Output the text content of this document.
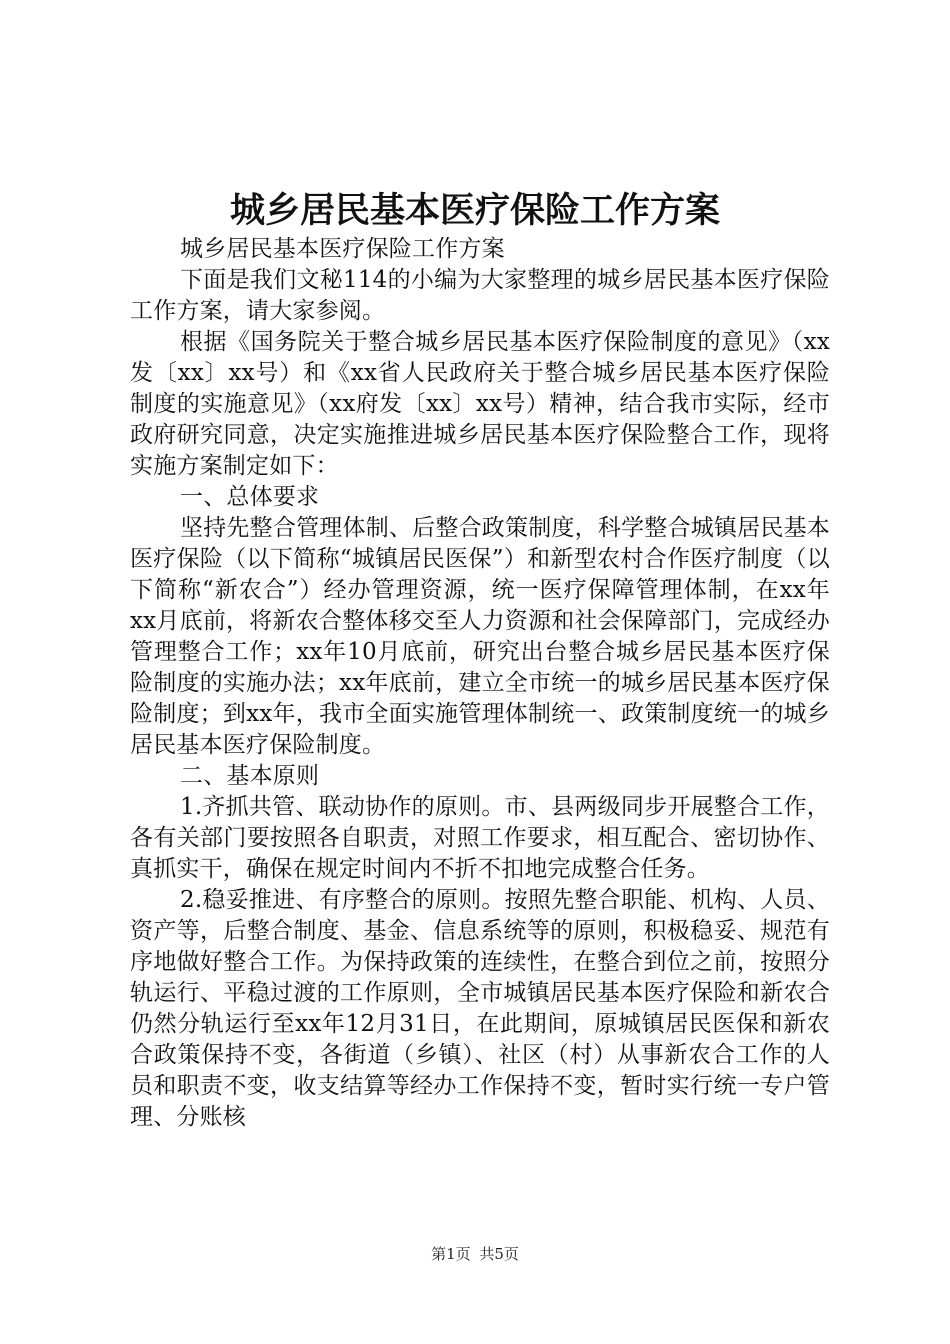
城乡居民基本医疗保险工作方案

城乡居民基本医疗保险工作方案

下面是我们文秘114的小编为大家整理的城乡居民基本医疗保险工作方案，请大家参阅。

根据《国务院关于整合城乡居民基本医疗保险制度的意见》（xx发〔xx〕xx号）和《xx省人民政府关于整合城乡居民基本医疗保险制度的实施意见》（xx府发〔xx〕xx号）精神，结合我市实际，经市政府研究同意，决定实施推进城乡居民基本医疗保险整合工作，现将实施方案制定如下：

一、总体要求

坚持先整合管理体制、后整合政策制度，科学整合城镇居民基本医疗保险（以下简称“城镇居民医保”）和新型农村合作医疗制度（以下简称“新农合”）经办管理资源，统一医疗保障管理体制，在xx年xx月底前，将新农合整体移交至人力资源和社会保障部门，完成经办管理整合工作；xx年10月底前，研究出台整合城乡居民基本医疗保险制度的实施办法；xx年底前，建立全市统一的城乡居民基本医疗保险制度；到xx年，我市全面实施管理体制统一、政策制度统一的城乡居民基本医疗保险制度。

二、基本原则

1.齐抓共管、联动协作的原则。市、县两级同步开展整合工作，各有关部门要按照各自职责，对照工作要求，相互配合、密切协作、真抓实干，确保在规定时间内不折不扣地完成整合任务。

2.稳妥推进、有序整合的原则。按照先整合职能、机构、人员、资产等，后整合制度、基金、信息系统等的原则，积极稳妥、规范有序地做好整合工作。为保持政策的连续性，在整合到位之前，按照分轨运行、平稳过渡的工作原则，全市城镇居民基本医疗保险和新农合仍然分轨运行至xx年12月31日，在此期间，原城镇居民医保和新农合政策保持不变，各街道（乡镇）、社区（村）从事新农合工作的人员和职责不变，收支结算等经办工作保持不变，暂时实行统一专户管理、分账核

第1页 共5页
